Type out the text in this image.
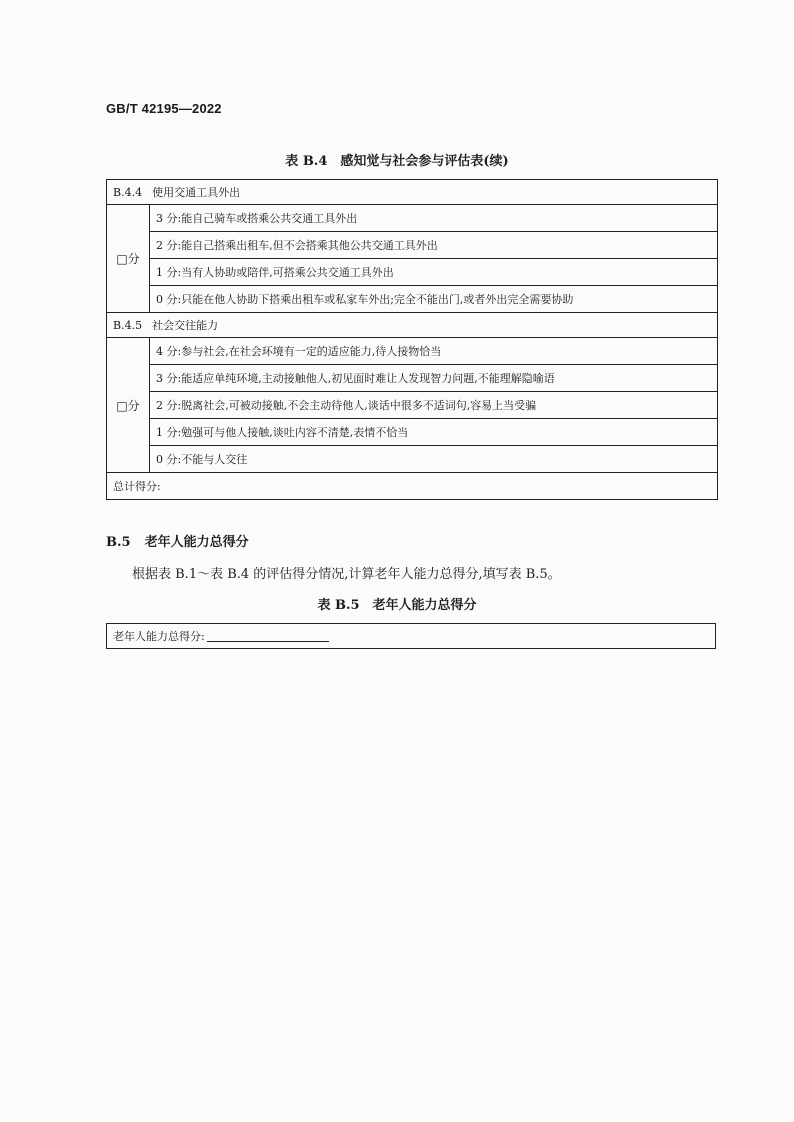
GB/T 42195—2022
表 B.4　感知觉与社会参与评估表(续)
B.4.4 使用交通工具外出	
□分	3 分:能自己骑车或搭乘公共交通工具外出
	2 分:能自己搭乘出租车,但不会搭乘其他公共交通工具外出
	1 分:当有人协助或陪伴,可搭乘公共交通工具外出
	0 分:只能在他人协助下搭乘出租车或私家车外出;完全不能出门,或者外出完全需要协助
B.4.5 社会交往能力	
□分	4 分:参与社会,在社会环境有一定的适应能力,待人接物恰当
	3 分:能适应单纯环境,主动接触他人,初见面时难让人发现智力问题,不能理解隐喻语
	2 分:脱离社会,可被动接触,不会主动待他人,谈话中很多不适词句,容易上当受骗
	1 分:勉强可与他人接触,谈吐内容不清楚,表情不恰当
	0 分:不能与人交往
总计得分:	
B.5 老年人能力总得分
根据表 B.1～表 B.4 的评估得分情况,计算老年人能力总得分,填写表 B.5。
表 B.5　老年人能力总得分
老年人能力总得分:
